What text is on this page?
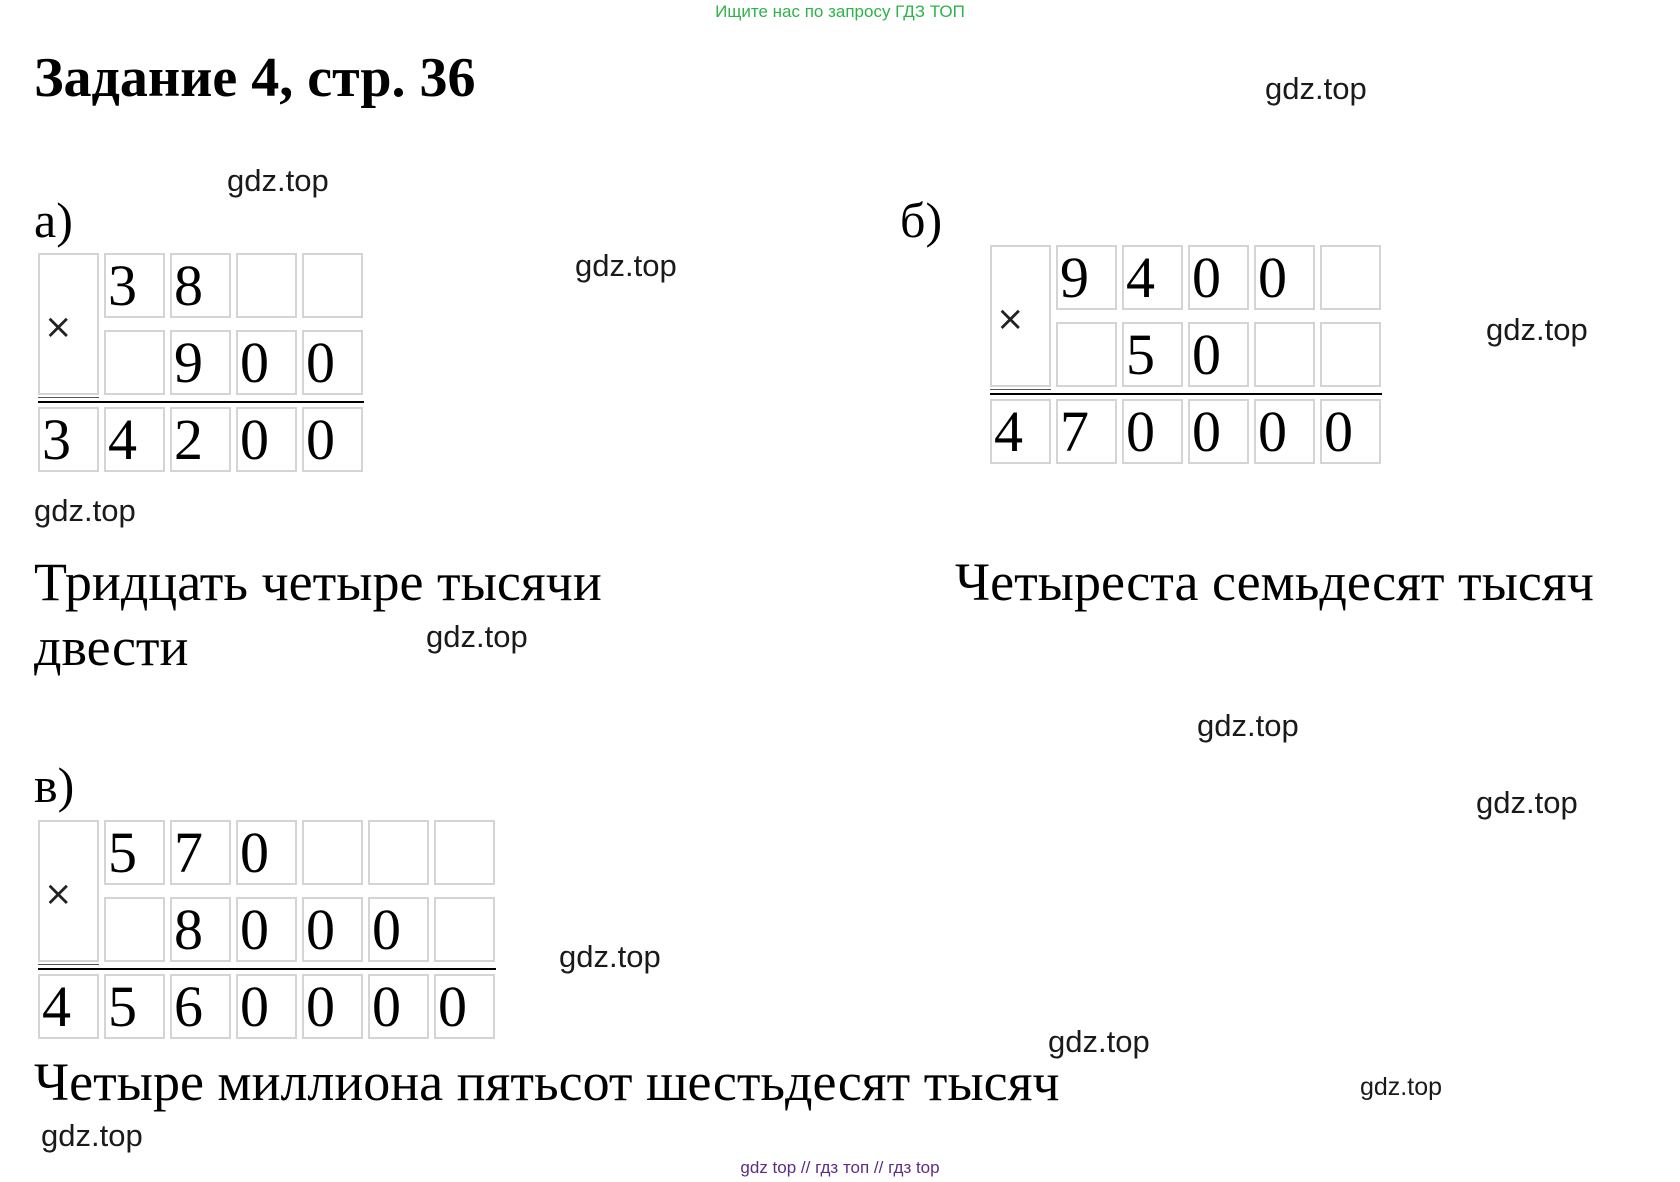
Ищите нас по запросу ГДЗ ТОП
Задание 4, стр. 36	gdz.top
gdz.top
gdz.top
gdz.top
gdz.top
gdz.top
gdz.top
gdz.top
gdz.top
gdz.top
gdz.top
gdz.top
а)
×
3 8
9 0 0
3 4 2 0 0
Тридцать четыре тысячи
двести
б)
×
9 4 0 0
5 0
4 7 0 0 0 0
Четыреста семьдесят тысяч
в)
×
5 7 0
8 0 0 0
4 5 6 0 0 0 0
Четыре миллиона пятьсот шестьдесят тысяч
gdz top // гдз топ // гдз top
